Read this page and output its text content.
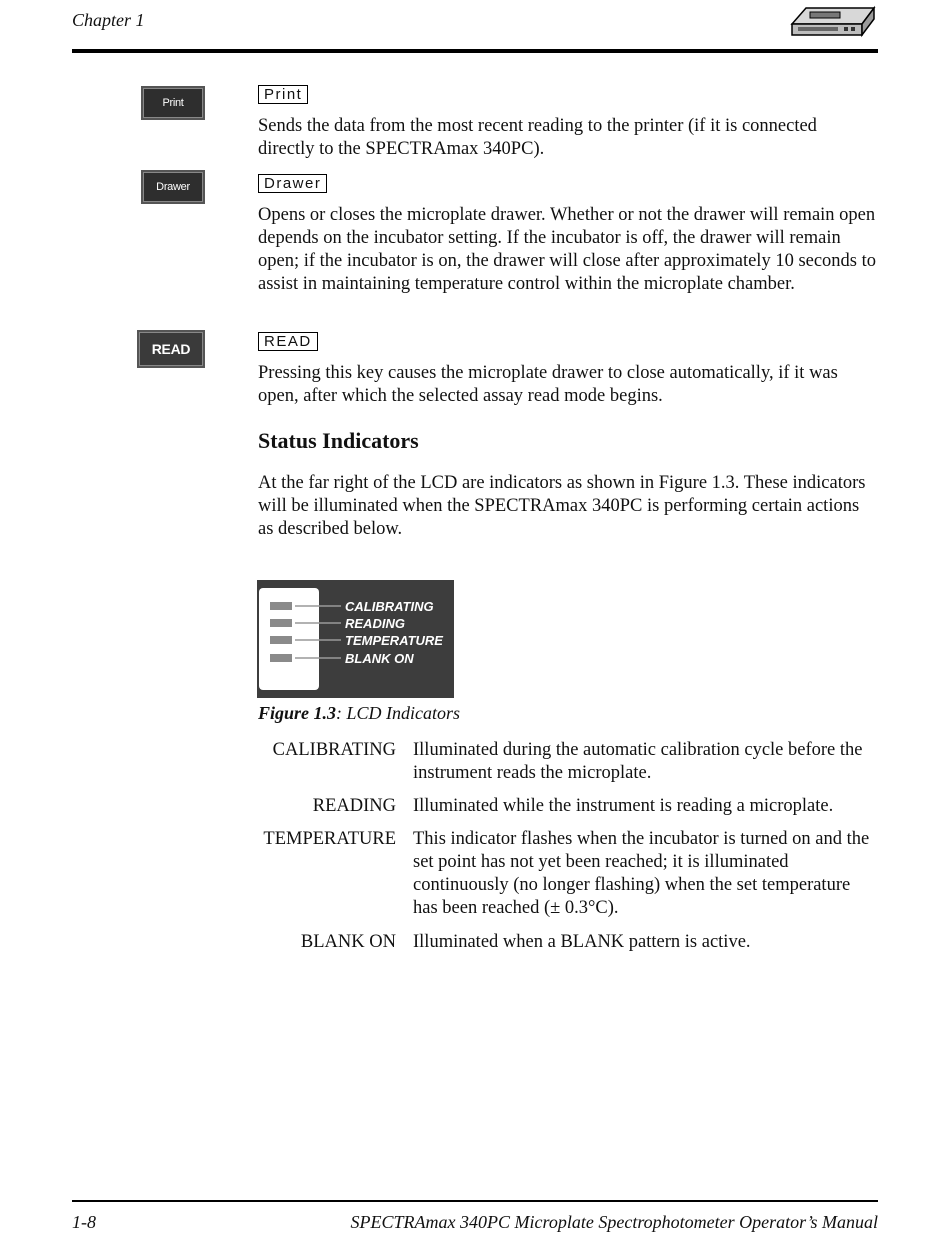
Chapter 1
Print	Print

Sends the data from the most recent reading to the printer (if it is connected directly to the SPECTRAmax 340PC).

Drawer	Drawer

Opens or closes the microplate drawer. Whether or not the drawer will remain open depends on the incubator setting. If the incubator is off, the drawer will remain open; if the incubator is on, the drawer will close after approximately 10 seconds to assist in maintaining temperature control within the microplate chamber.

READ	READ

Pressing this key causes the microplate drawer to close automatically, if it was open, after which the selected assay read mode begins.

Status Indicators

At the far right of the LCD are indicators as shown in Figure 1.3. These indicators will be illuminated when the SPECTRAmax 340PC is performing certain actions as described below.

CALIBRATING
READING
TEMPERATURE
BLANK ON
Figure 1.3: LCD Indicators
CALIBRATING Illuminated during the automatic calibration cycle before the instrument reads the microplate.

READING Illuminated while the instrument is reading a microplate.

TEMPERATURE This indicator flashes when the incubator is turned on and the set point has not yet been reached; it is illuminated continuously (no longer flashing) when the set temperature has been reached (± 0.3°C).

BLANK ON Illuminated when a BLANK pattern is active.

1-8	SPECTRAmax 340PC Microplate Spectrophotometer Operator’s Manual
